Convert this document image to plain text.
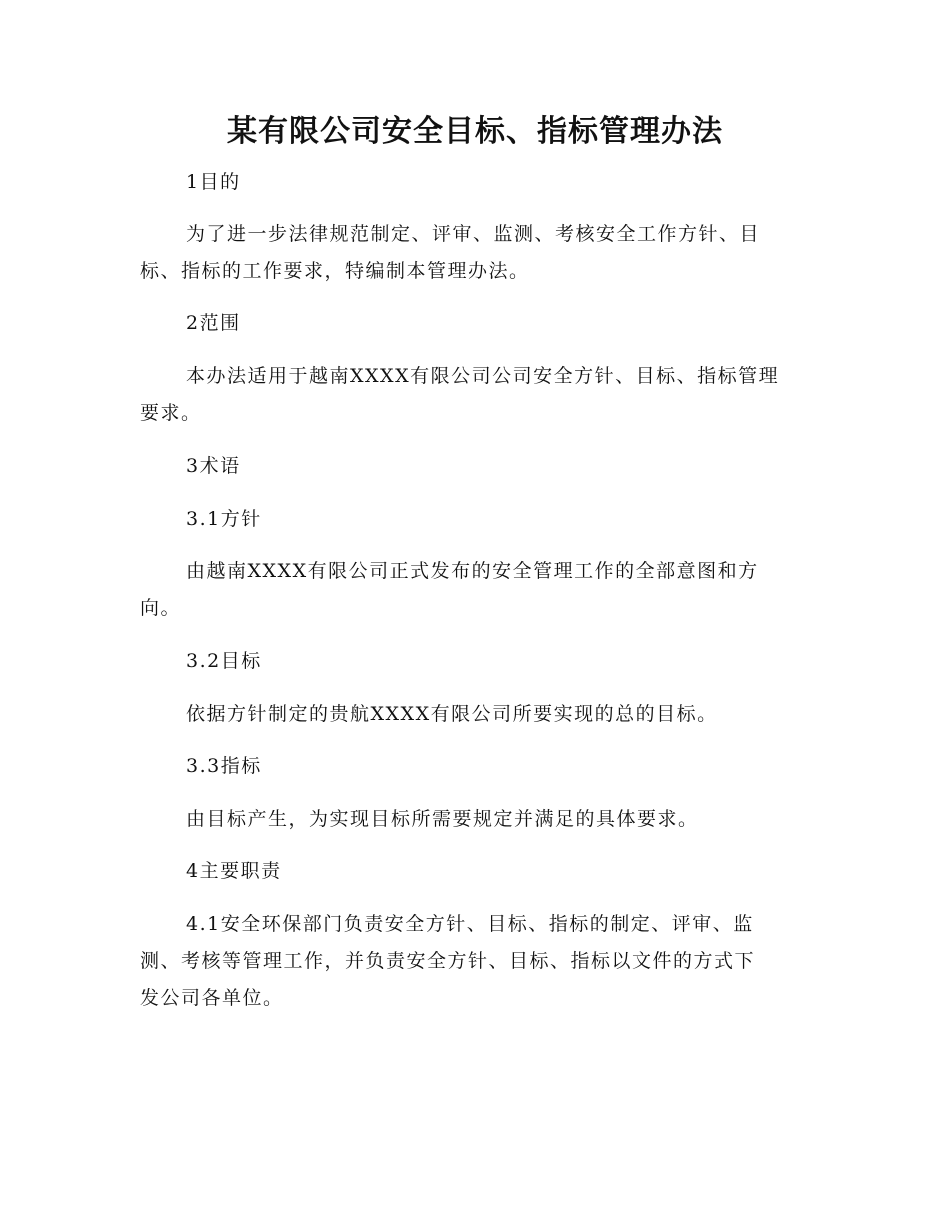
某有限公司安全目标、指标管理办法
1目的
为了进一步法律规范制定、评审、监测、考核安全工作方针、目
标、指标的工作要求，特编制本管理办法。
2范围
本办法适用于越南XXXX有限公司公司安全方针、目标、指标管理
要求。
3术语
3.1方针
由越南XXXX有限公司正式发布的安全管理工作的全部意图和方
向。
3.2目标
依据方针制定的贵航XXXX有限公司所要实现的总的目标。
3.3指标
由目标产生，为实现目标所需要规定并满足的具体要求。
4主要职责
4.1安全环保部门负责安全方针、目标、指标的制定、评审、监
测、考核等管理工作，并负责安全方针、目标、指标以文件的方式下
发公司各单位。
